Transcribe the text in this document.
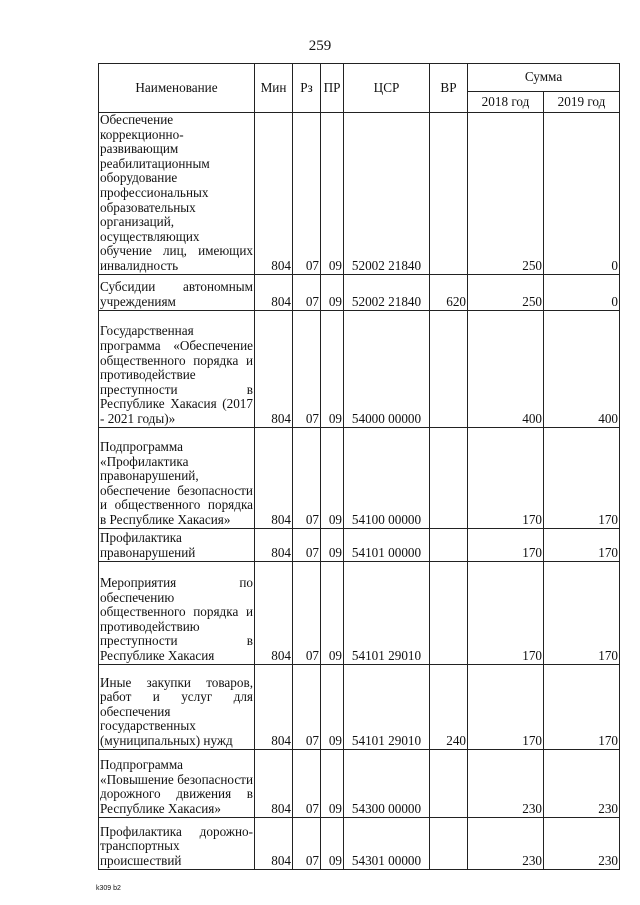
259
Наименование	Мин	Рз	ПР	ЦСР	ВР	Сумма	
						2018 год	2019 год
Обеспечение коррекционно-развивающим реабилитационным оборудование профессиональных образовательных организаций, осуществляющих обучение лиц, имеющих инвалидность	804	07	09	52002 21840		250	0
Субсидии автономным учреждениям	804	07	09	52002 21840	620	250	0
Государственная программа «Обеспечение общественного порядка и противодействие преступности в Республике Хакасия (2017 - 2021 годы)»	804	07	09	54000 00000		400	400
Подпрограмма «Профилактика правонарушений, обеспечение безопасности и общественного порядка в Республике Хакасия»	804	07	09	54100 00000		170	170
Профилактика правонарушений	804	07	09	54101 00000		170	170
Мероприятия по обеспечению общественного порядка и противодействию преступности в Республике Хакасия	804	07	09	54101 29010		170	170
Иные закупки товаров, работ и услуг для обеспечения государственных (муниципальных) нужд	804	07	09	54101 29010	240	170	170
Подпрограмма «Повышение безопасности дорожного движения в Республике Хакасия»	804	07	09	54300 00000		230	230
Профилактика дорожно-транспортных происшествий	804	07	09	54301 00000		230	230
k309 b2
